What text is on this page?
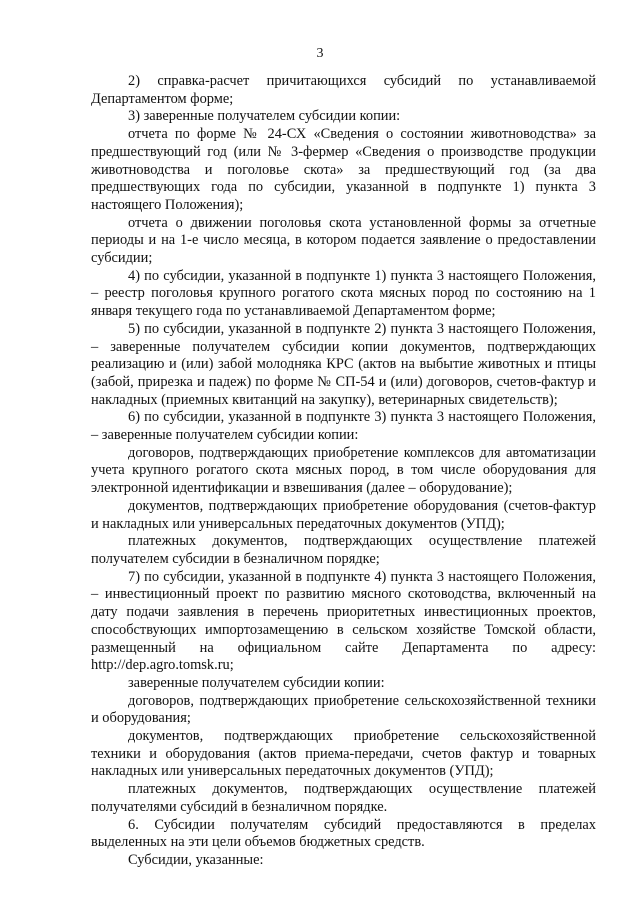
3

2) справка-расчет причитающихся субсидий по устанавливаемой Департаментом форме;

3) заверенные получателем субсидии копии:

отчета по форме № 24-СХ «Сведения о состоянии животноводства» за предшествующий год (или № 3-фермер «Сведения о производстве продукции животноводства и поголовье скота» за предшествующий год (за два предшествующих года по субсидии, указанной в подпункте 1) пункта 3 настоящего Положения);

отчета о движении поголовья скота установленной формы за отчетные периоды и на 1-е число месяца, в котором подается заявление о предоставлении субсидии;

4) по субсидии, указанной в подпункте 1) пункта 3 настоящего Положения, – реестр поголовья крупного рогатого скота мясных пород по состоянию на 1 января текущего года по устанавливаемой Департаментом форме;

5) по субсидии, указанной в подпункте 2) пункта 3 настоящего Положения, – заверенные получателем субсидии копии документов, подтверждающих реализацию и (или) забой молодняка КРС (актов на выбытие животных и птицы (забой, прирезка и падеж) по форме № СП-54 и (или) договоров, счетов-фактур и накладных (приемных квитанций на закупку), ветеринарных свидетельств);

6) по субсидии, указанной в подпункте 3) пункта 3 настоящего Положения, – заверенные получателем субсидии копии:

договоров, подтверждающих приобретение комплексов для автоматизации учета крупного рогатого скота мясных пород, в том числе оборудования для электронной идентификации и взвешивания (далее – оборудование);

документов, подтверждающих приобретение оборудования (счетов-фактур и накладных или универсальных передаточных документов (УПД);

платежных документов, подтверждающих осуществление платежей получателем субсидии в безналичном порядке;

7) по субсидии, указанной в подпункте 4) пункта 3 настоящего Положения, – инвестиционный проект по развитию мясного скотоводства, включенный на дату подачи заявления в перечень приоритетных инвестиционных проектов, способствующих импортозамещению в сельском хозяйстве Томской области, размещенный на официальном сайте Департамента по адресу: http://dep.agro.tomsk.ru;

заверенные получателем субсидии копии:

договоров, подтверждающих приобретение сельскохозяйственной техники и оборудования;

документов, подтверждающих приобретение сельскохозяйственной техники и оборудования (актов приема-передачи, счетов фактур и товарных накладных или универсальных передаточных документов (УПД);

платежных документов, подтверждающих осуществление платежей получателями субсидий в безналичном порядке.

6. Субсидии получателям субсидий предоставляются в пределах выделенных на эти цели объемов бюджетных средств.

Субсидии, указанные:
